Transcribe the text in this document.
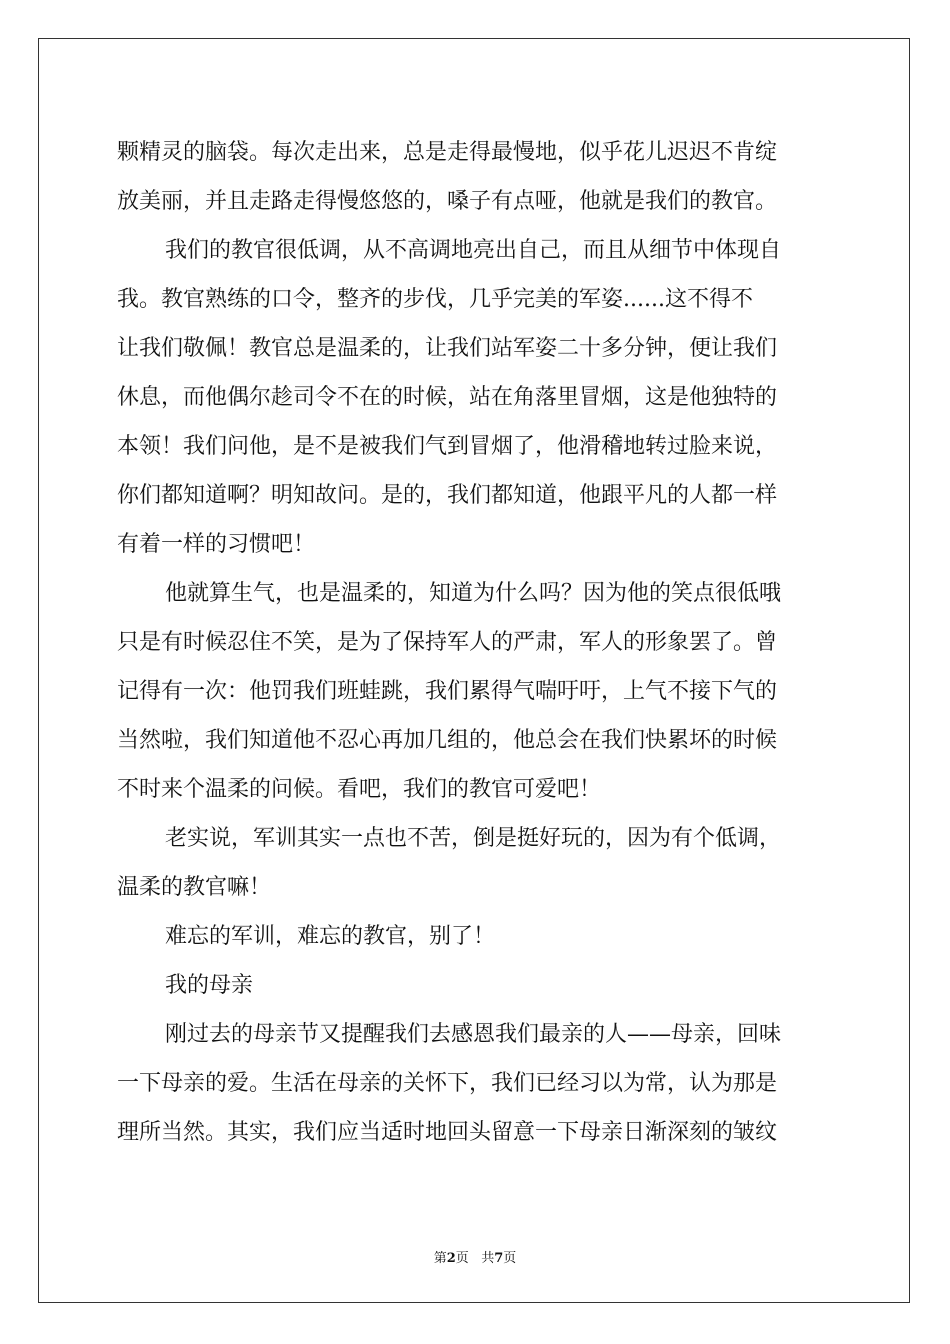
颗精灵的脑袋。每次走出来，总是走得最慢地，似乎花儿迟迟不肯绽
放美丽，并且走路走得慢悠悠的，嗓子有点哑，他就是我们的教官。
我们的教官很低调，从不高调地亮出自己，而且从细节中体现自
我。教官熟练的口令，整齐的步伐，几乎完美的军姿......这不得不
让我们敬佩！教官总是温柔的，让我们站军姿二十多分钟，便让我们
休息，而他偶尔趁司令不在的时候，站在角落里冒烟，这是他独特的
本领！我们问他，是不是被我们气到冒烟了，他滑稽地转过脸来说，
你们都知道啊？明知故问。是的，我们都知道，他跟平凡的人都一样
有着一样的习惯吧！
他就算生气，也是温柔的，知道为什么吗？因为他的笑点很低哦
只是有时候忍住不笑，是为了保持军人的严肃，军人的形象罢了。曾
记得有一次：他罚我们班蛙跳，我们累得气喘吁吁，上气不接下气的
当然啦，我们知道他不忍心再加几组的，他总会在我们快累坏的时候
不时来个温柔的问候。看吧，我们的教官可爱吧！
老实说，军训其实一点也不苦，倒是挺好玩的，因为有个低调，
温柔的教官嘛！
难忘的军训，难忘的教官，别了！
我的母亲
刚过去的母亲节又提醒我们去感恩我们最亲的人——母亲，回味
一下母亲的爱。生活在母亲的关怀下，我们已经习以为常，认为那是
理所当然。其实，我们应当适时地回头留意一下母亲日渐深刻的皱纹
第2页 共7页
